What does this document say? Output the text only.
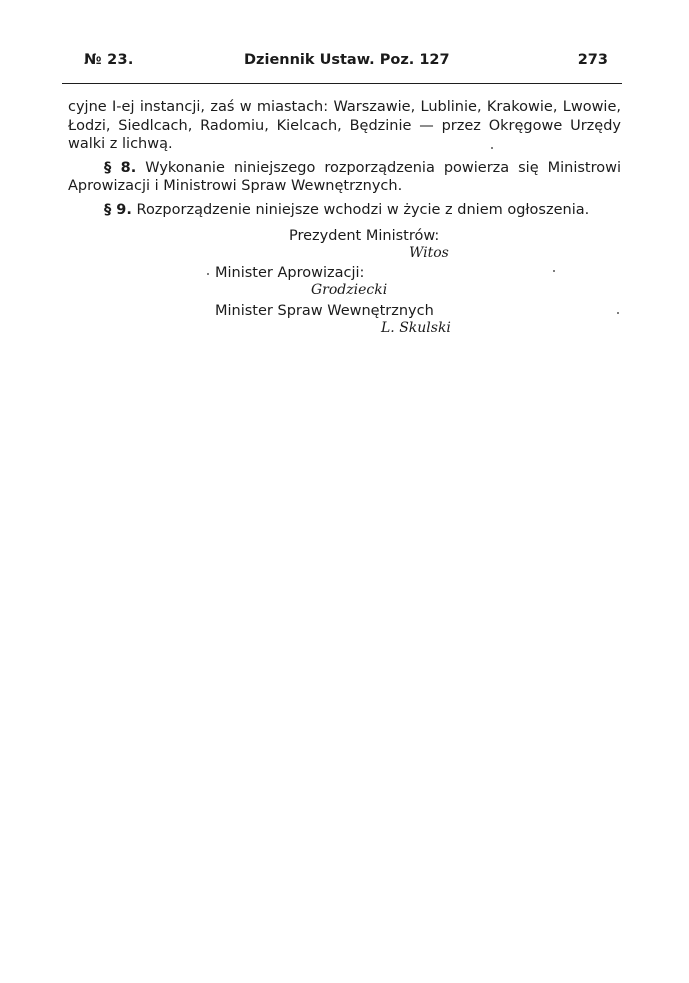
№ 23.	Dziennik Ustaw. Poz. 127	273

cyjne I-ej instancji, zaś w miastach: Warszawie, Lublinie, Krakowie, Lwowie, Łodzi, Siedlcach, Radomiu, Kielcach, Będzinie — przez Okręgowe Urzędy walki z lichwą.

§ 8. Wykonanie niniejszego rozporządzenia powierza się Ministrowi Aprowizacji i Ministrowi Spraw Wewnętrznych.

§ 9. Rozporządzenie niniejsze wchodzi w życie z dniem ogłoszenia.

Prezydent Ministrów:
Witos
Minister Aprowizacji:
Grodziecki
Minister Spraw Wewnętrznych
L. Skulski
